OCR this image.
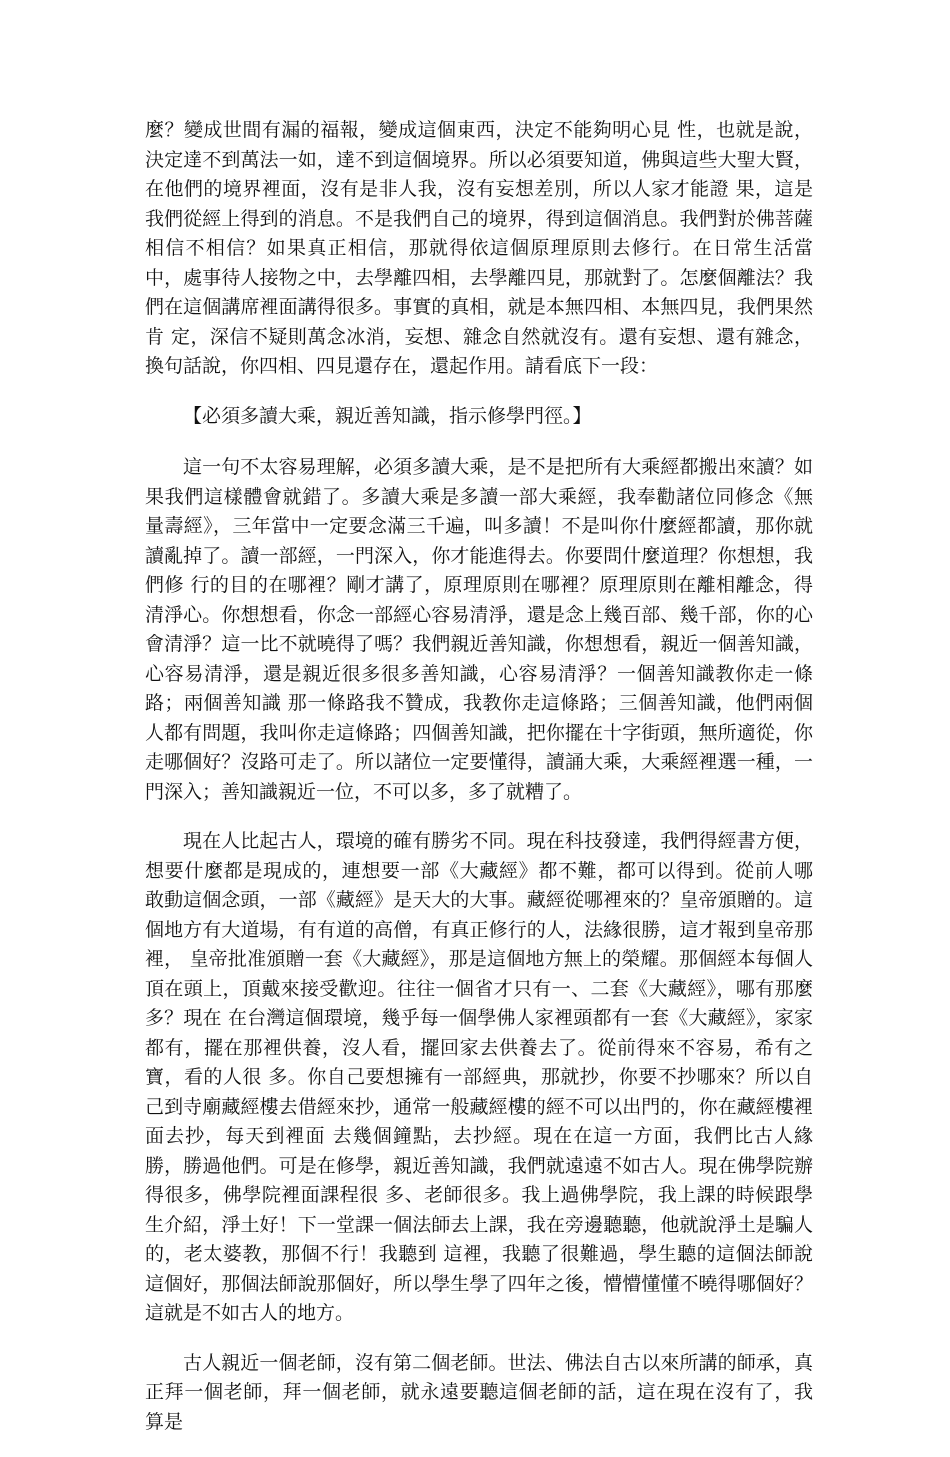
麼？變成世間有漏的福報，變成這個東西，決定不能夠明心見 性，也就是說，決定達不到萬法一如，達不到這個境界。所以必須要知道，佛與這些大聖大賢，在他們的境界裡面，沒有是非人我，沒有妄想差別，所以人家才能證 果，這是我們從經上得到的消息。不是我們自己的境界，得到這個消息。我們對於佛菩薩相信不相信？如果真正相信，那就得依這個原理原則去修行。在日常生活當 中，處事待人接物之中，去學離四相，去學離四見，那就對了。怎麼個離法？我們在這個講席裡面講得很多。事實的真相，就是本無四相、本無四見，我們果然肯 定，深信不疑則萬念冰消，妄想、雜念自然就沒有。還有妄想、還有雜念，換句話說，你四相、四見還存在，還起作用。請看底下一段：

【必須多讀大乘，親近善知識，指示修學門徑。】

這一句不太容易理解，必須多讀大乘，是不是把所有大乘經都搬出來讀？如果我們這樣體會就錯了。多讀大乘是多讀一部大乘經，我奉勸諸位同修念《無 量壽經》，三年當中一定要念滿三千遍，叫多讀！不是叫你什麼經都讀，那你就讀亂掉了。讀一部經，一門深入，你才能進得去。你要問什麼道理？你想想，我們修 行的目的在哪裡？剛才講了，原理原則在哪裡？原理原則在離相離念，得清淨心。你想想看，你念一部經心容易清淨，還是念上幾百部、幾千部，你的心會清淨？這一比不就曉得了嗎？我們親近善知識，你想想看，親近一個善知識，心容易清淨，還是親近很多很多善知識，心容易清淨？一個善知識教你走一條路；兩個善知識 那一條路我不贊成，我教你走這條路；三個善知識，他們兩個人都有問題，我叫你走這條路；四個善知識，把你擺在十字街頭，無所適從，你走哪個好？沒路可走了。所以諸位一定要懂得，讀誦大乘，大乘經裡選一種，一門深入；善知識親近一位，不可以多，多了就糟了。

現在人比起古人，環境的確有勝劣不同。現在科技發達，我們得經書方便，想要什麼都是現成的，連想要一部《大藏經》都不難，都可以得到。從前人哪 敢動這個念頭，一部《藏經》是天大的大事。藏經從哪裡來的？皇帝頒贈的。這個地方有大道場，有有道的高僧，有真正修行的人，法緣很勝，這才報到皇帝那裡， 皇帝批准頒贈一套《大藏經》，那是這個地方無上的榮耀。那個經本每個人頂在頭上，頂戴來接受歡迎。往往一個省才只有一、二套《大藏經》，哪有那麼多？現在 在台灣這個環境，幾乎每一個學佛人家裡頭都有一套《大藏經》，家家都有，擺在那裡供養，沒人看，擺回家去供養去了。從前得來不容易，希有之寶，看的人很 多。你自己要想擁有一部經典，那就抄，你要不抄哪來？所以自己到寺廟藏經樓去借經來抄，通常一般藏經樓的經不可以出門的，你在藏經樓裡面去抄，每天到裡面 去幾個鐘點，去抄經。現在在這一方面，我們比古人緣勝，勝過他們。可是在修學，親近善知識，我們就遠遠不如古人。現在佛學院辦得很多，佛學院裡面課程很 多、老師很多。我上過佛學院，我上課的時候跟學生介紹，淨土好！下一堂課一個法師去上課，我在旁邊聽聽，他就說淨土是騙人的，老太婆教，那個不行！我聽到 這裡，我聽了很難過，學生聽的這個法師說這個好，那個法師說那個好，所以學生學了四年之後，懵懵懂懂不曉得哪個好？這就是不如古人的地方。

古人親近一個老師，沒有第二個老師。世法、佛法自古以來所講的師承，真正拜一個老師，拜一個老師，就永遠要聽這個老師的話，這在現在沒有了，我 算是
